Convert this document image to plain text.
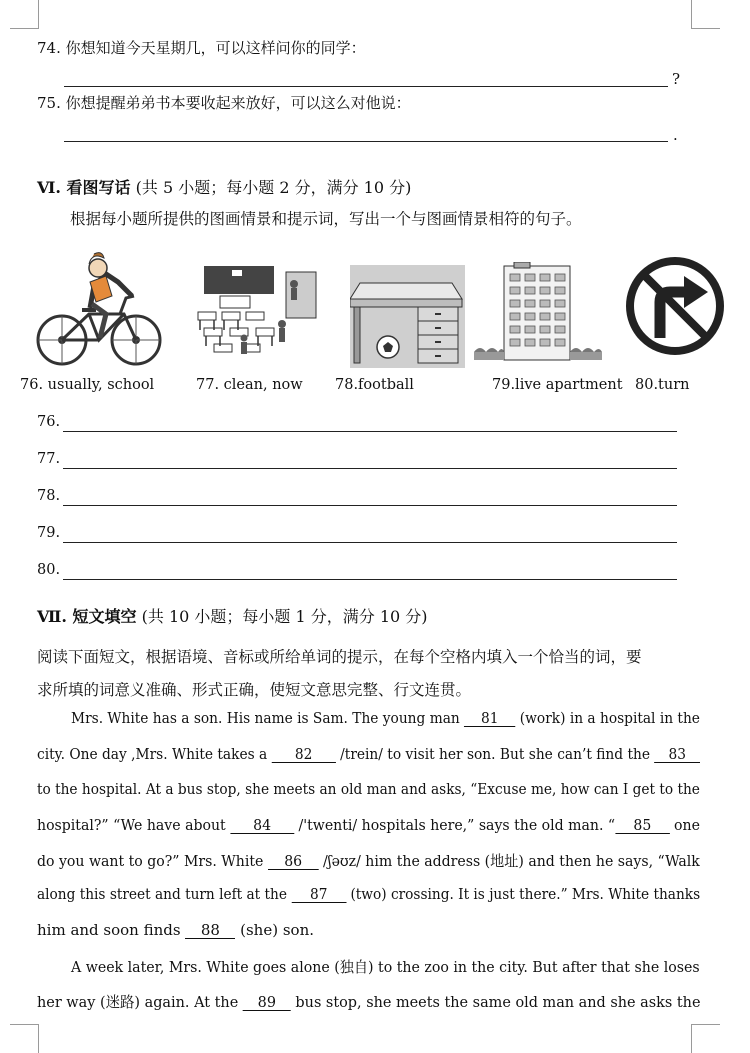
74. 你想知道今天星期几，可以这样问你的同学：
?
75. 你想提醒弟弟书本要收起来放好，可以这么对他说：
.
Ⅵ. 看图写话 (共 5 小题；每小题 2 分，满分 10 分)
根据每小题所提供的图画情景和提示词，写出一个与图画情景相符的句子。
76. usually, school	77. clean, now 78.football	79.live apartment 80.turn
76.
77.
78.
79.
80.
Ⅶ. 短文填空 (共 10 小题；每小题 1 分，满分 10 分)
阅读下面短文，根据语境、音标或所给单词的提示，在每个空格内填入一个恰当的词，要
求所填的词意义准确、形式正确，使短文意思完整、行文连贯。
Mrs. White has a son. His name is Sam. The young man 81 (work) in a hospital in the
city. One day ,Mrs. White takes a 82 /trein/ to visit her son. But she can’t find the 83
to the hospital. At a bus stop, she meets an old man and asks, “Excuse me, how can I get to the
hospital?” “We have about 84 /'twenti/ hospitals here,” says the old man. “ 85 one
do you want to go?” Mrs. White 86 /ʃəʊz/ him the address (地址) and then he says, “Walk
along this street and turn left at the 87 (two) crossing. It is just there.” Mrs. White thanks
him and soon finds 88 (she) son.
A week later, Mrs. White goes alone (独自) to the zoo in the city. But after that she loses
her way (迷路) again. At the 89 bus stop, she meets the same old man and she asks the
